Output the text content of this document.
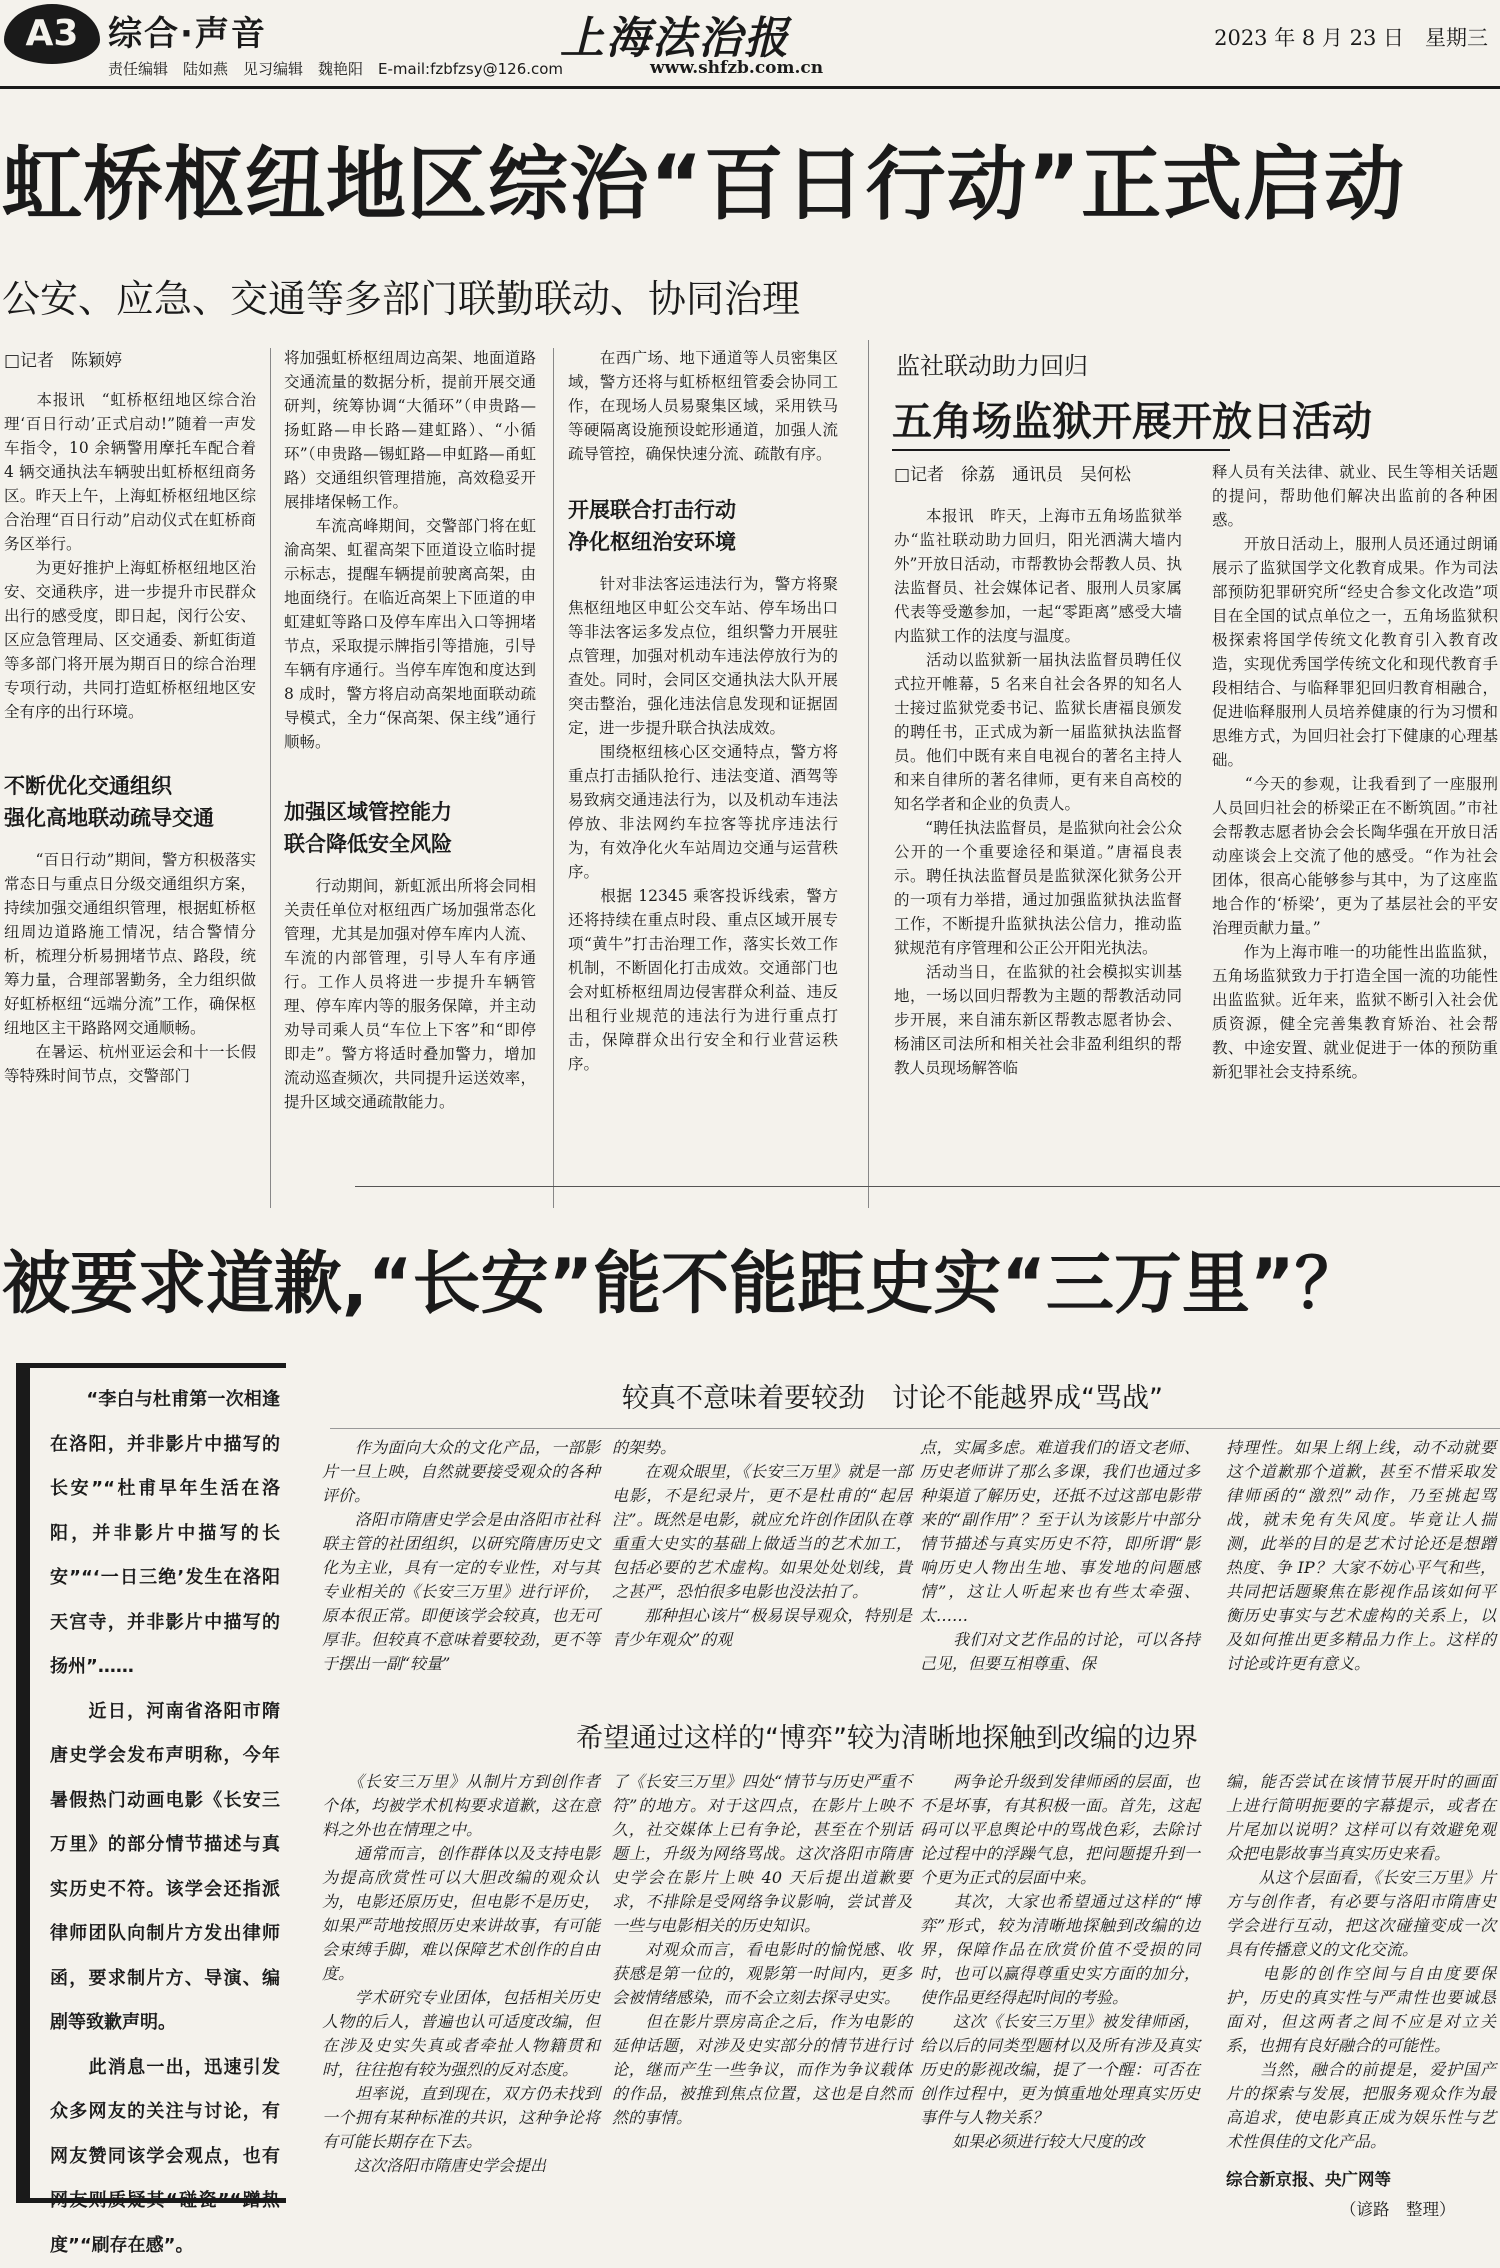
A3 综合·声音
责任编辑　陆如燕　见习编辑　魏艳阳　E-mail:fzbfzsy@126.com
上海法治报
www.shfzb.com.cn
2023 年 8 月 23 日　星期三
虹桥枢纽地区综治“百日行动”正式启动
公安、应急、交通等多部门联勤联动、协同治理
□记者　陈颖婷
　　本报讯　“虹桥枢纽地区综合治理‘百日行动’正式启动!”随着一声发车指令，10 余辆警用摩托车配合着 4 辆交通执法车辆驶出虹桥枢纽商务区。昨天上午，上海虹桥枢纽地区综合治理“百日行动”启动仪式在虹桥商务区举行。
　　为更好推护上海虹桥枢纽地区治安、交通秩序，进一步提升市民群众出行的感受度，即日起，闵行公安、区应急管理局、区交通委、新虹街道等多部门将开展为期百日的综合治理专项行动，共同打造虹桥枢纽地区安全有序的出行环境。
不断优化交通组织
强化高地联动疏导交通
　　“百日行动”期间，警方积极落实常态日与重点日分级交通组织方案，持续加强交通组织管理，根据虹桥枢纽周边道路施工情况，结合警情分析，梳理分析易拥堵节点、路段，统筹力量，合理部署勤务，全力组织做好虹桥枢纽“远端分流”工作，确保枢纽地区主干路路网交通顺畅。
　　在暑运、杭州亚运会和十一长假等特殊时间节点，交警部门
将加强虹桥枢纽周边高架、地面道路交通流量的数据分析，提前开展交通研判，统筹协调“大循环”（申贵路—扬虹路—申长路—建虹路）、“小循环”（申贵路—锡虹路—申虹路—甬虹路）交通组织管理措施，高效稳妥开展排堵保畅工作。
　　车流高峰期间，交警部门将在虹渝高架、虹翟高架下匝道设立临时提示标志，提醒车辆提前驶离高架，由地面绕行。在临近高架上下匝道的申虹建虹等路口及停车库出入口等拥堵节点，采取提示牌指引等措施，引导车辆有序通行。当停车库饱和度达到 8 成时，警方将启动高架地面联动疏导模式，全力“保高架、保主线”通行顺畅。
加强区域管控能力
联合降低安全风险
　　行动期间，新虹派出所将会同相关责任单位对枢纽西广场加强常态化管理，尤其是加强对停车库内人流、车流的内部管理，引导人车有序通行。工作人员将进一步提升车辆管理、停车库内等的服务保障，并主动劝导司乘人员“车位上下客”和“即停即走”。警方将适时叠加警力，增加流动巡查频次，共同提升运送效率，提升区域交通疏散能力。
　　在西广场、地下通道等人员密集区域，警方还将与虹桥枢纽管委会协同工作，在现场人员易聚集区域，采用铁马等硬隔离设施预设蛇形通道，加强人流疏导管控，确保快速分流、疏散有序。
开展联合打击行动
净化枢纽治安环境
　　针对非法客运违法行为，警方将聚焦枢纽地区申虹公交车站、停车场出口等非法客运多发点位，组织警力开展驻点管理，加强对机动车违法停放行为的查处。同时，会同区交通执法大队开展突击整治，强化违法信息发现和证据固定，进一步提升联合执法成效。
　　围绕枢纽核心区交通特点，警方将重点打击插队抢行、违法变道、酒驾等易致病交通违法行为，以及机动车违法停放、非法网约车拉客等扰序违法行为，有效净化火车站周边交通与运营秩序。
　　根据 12345 乘客投诉线索，警方还将持续在重点时段、重点区域开展专项“黄牛”打击治理工作，落实长效工作机制，不断固化打击成效。交通部门也会对虹桥枢纽周边侵害群众利益、违反出租行业规范的违法行为进行重点打击，保障群众出行安全和行业营运秩序。
监社联动助力回归
五角场监狱开展开放日活动
□记者　徐荔　通讯员　吴何松
　　本报讯　昨天，上海市五角场监狱举办“监社联动助力回归，阳光洒满大墙内外”开放日活动，市帮教协会帮教人员、执法监督员、社会媒体记者、服刑人员家属代表等受邀参加，一起“零距离”感受大墙内监狱工作的法度与温度。
　　活动以监狱新一届执法监督员聘任仪式拉开帷幕，5 名来自社会各界的知名人士接过监狱党委书记、监狱长唐福良颁发的聘任书，正式成为新一届监狱执法监督员。他们中既有来自电视台的著名主持人和来自律所的著名律师，更有来自高校的知名学者和企业的负责人。
　　“聘任执法监督员，是监狱向社会公众公开的一个重要途径和渠道。”唐福良表示。聘任执法监督员是监狱深化狱务公开的一项有力举措，通过加强监狱执法监督工作，不断提升监狱执法公信力，推动监狱规范有序管理和公正公开阳光执法。
　　活动当日，在监狱的社会模拟实训基地，一场以回归帮教为主题的帮教活动同步开展，来自浦东新区帮教志愿者协会、杨浦区司法所和相关社会非盈利组织的帮教人员现场解答临
释人员有关法律、就业、民生等相关话题的提问，帮助他们解决出监前的各种困惑。
　　开放日活动上，服刑人员还通过朗诵展示了监狱国学文化教育成果。作为司法部预防犯罪研究所“经史合参文化改造”项目在全国的试点单位之一，五角场监狱积极探索将国学传统文化教育引入教育改造，实现优秀国学传统文化和现代教育手段相结合、与临释罪犯回归教育相融合，促进临释服刑人员培养健康的行为习惯和思维方式，为回归社会打下健康的心理基础。
　　“今天的参观，让我看到了一座服刑人员回归社会的桥梁正在不断筑固。”市社会帮教志愿者协会会长陶华强在开放日活动座谈会上交流了他的感受。“作为社会团体，很高心能够参与其中，为了这座监地合作的‘桥梁’，更为了基层社会的平安治理贡献力量。”
　　作为上海市唯一的功能性出监监狱，五角场监狱致力于打造全国一流的功能性出监监狱。近年来，监狱不断引入社会优质资源，健全完善集教育矫治、社会帮教、中途安置、就业促进于一体的预防重新犯罪社会支持系统。
被要求道歉,“长安”能不能距史实“三万里”？
　　“李白与杜甫第一次相逢在洛阳，并非影片中描写的长安”“杜甫早年生活在洛阳，并非影片中描写的长安”“‘一日三绝’发生在洛阳天宫寺，并非影片中描写的扬州”……
　　近日，河南省洛阳市隋唐史学会发布声明称，今年暑假热门动画电影《长安三万里》的部分情节描述与真实历史不符。该学会还指派律师团队向制片方发出律师函，要求制片方、导演、编剧等致歉声明。
　　此消息一出，迅速引发众多网友的关注与讨论，有网友赞同该学会观点，也有网友则质疑其“碰瓷”“蹭热度”“刷存在感”。
较真不意味着要较劲　讨论不能越界成“骂战”
　　作为面向大众的文化产品，一部影片一旦上映，自然就要接受观众的各种评价。
　　洛阳市隋唐史学会是由洛阳市社科联主管的社团组织，以研究隋唐历史文化为主业，具有一定的专业性，对与其专业相关的《长安三万里》进行评价，原本很正常。即便该学会较真，也无可厚非。但较真不意味着要较劲，更不等于摆出一副“较量”
的架势。
　　在观众眼里，《长安三万里》就是一部电影，不是纪录片，更不是杜甫的“起居注”。既然是电影，就应允许创作团队在尊重重大史实的基础上做适当的艺术加工，包括必要的艺术虚构。如果处处划线，貴之甚严，恐怕很多电影也没法拍了。
　　那种担心该片“极易误导观众，特别是青少年观众”的观
点，实属多虑。难道我们的语文老师、历史老师讲了那么多课，我们也通过多种渠道了解历史，还抵不过这部电影带来的“副作用”？至于认为该影片中部分情节描述与真实历史不符，即所谓“影响历史人物出生地、事发地的问题感情”，这让人听起来也有些太牵强、太……
　　我们对文艺作品的讨论，可以各持己见，但要互相尊重、保
持理性。如果上纲上线，动不动就要这个道歉那个道歉，甚至不惜采取发律师函的“激烈”动作，乃至挑起骂战，就未免有失风度。毕竟让人揣测，此举的目的是艺术讨论还是想蹭热度、争 IP？大家不妨心平气和些，共同把话题聚焦在影视作品该如何平衡历史事实与艺术虚构的关系上，以及如何推出更多精品力作上。这样的讨论或许更有意义。
希望通过这样的“博弈”较为清晰地探触到改编的边界
　　《长安三万里》从制片方到创作者个体，均被学术机构要求道歉，这在意料之外也在情理之中。
　　通常而言，创作群体以及支持电影为提高欣赏性可以大胆改编的观众认为，电影还原历史，但电影不是历史，如果严苛地按照历史来讲故事，有可能会束缚手脚，难以保障艺术创作的自由度。
　　学术研究专业团体，包括相关历史人物的后人，普遍也认可适度改编，但在涉及史实失真或者牵扯人物籍贯和时，往往抱有较为强烈的反对态度。
　　坦率说，直到现在，双方仍未找到一个拥有某种标准的共识，这种争论将有可能长期存在下去。
　　这次洛阳市隋唐史学会提出
了《长安三万里》四处“情节与历史严重不符”的地方。对于这四点，在影片上映不久，社交媒体上已有争论，甚至在个别话题上，升级为网络骂战。这次洛阳市隋唐史学会在影片上映 40 天后提出道歉要求，不排除是受网络争议影响，尝试普及一些与电影相关的历史知识。
　　对观众而言，看电影时的愉悦感、收获感是第一位的，观影第一时间内，更多会被情绪感染，而不会立刻去探寻史实。
　　但在影片票房高企之后，作为电影的延伸话题，对涉及史实部分的情节进行讨论，继而产生一些争议，而作为争议载体的作品，被推到焦点位置，这也是自然而然的事情。
　　两争论升级到发律师函的层面，也不是坏事，有其积极一面。首先，这起码可以平息舆论中的骂战色彩，去除讨论过程中的浮躁气息，把问题提升到一个更为正式的层面中来。
　　其次，大家也希望通过这样的“博弈”形式，较为清晰地探触到改编的边界，保障作品在欣赏价值不受损的同时，也可以赢得尊重史实方面的加分，使作品更经得起时间的考验。
　　这次《长安三万里》被发律师函，给以后的同类型题材以及所有涉及真实历史的影视改编，提了一个醒：可否在创作过程中，更为慎重地处理真实历史事件与人物关系？
　　如果必须进行较大尺度的改
编，能否尝试在该情节展开时的画面上进行简明扼要的字幕提示，或者在片尾加以说明？这样可以有效避免观众把电影故事当真实历史来看。
　　从这个层面看，《长安三万里》片方与创作者，有必要与洛阳市隋唐史学会进行互动，把这次碰撞变成一次具有传播意义的文化交流。
　　电影的创作空间与自由度要保护，历史的真实性与严肃性也要诚恳面对，但这两者之间不应是对立关系，也拥有良好融合的可能性。
　　当然，融合的前提是，爱护国产片的探索与发展，把服务观众作为最高追求，使电影真正成为娱乐性与艺术性俱佳的文化产品。
综合新京报、央广网等
（谚路　整理）
